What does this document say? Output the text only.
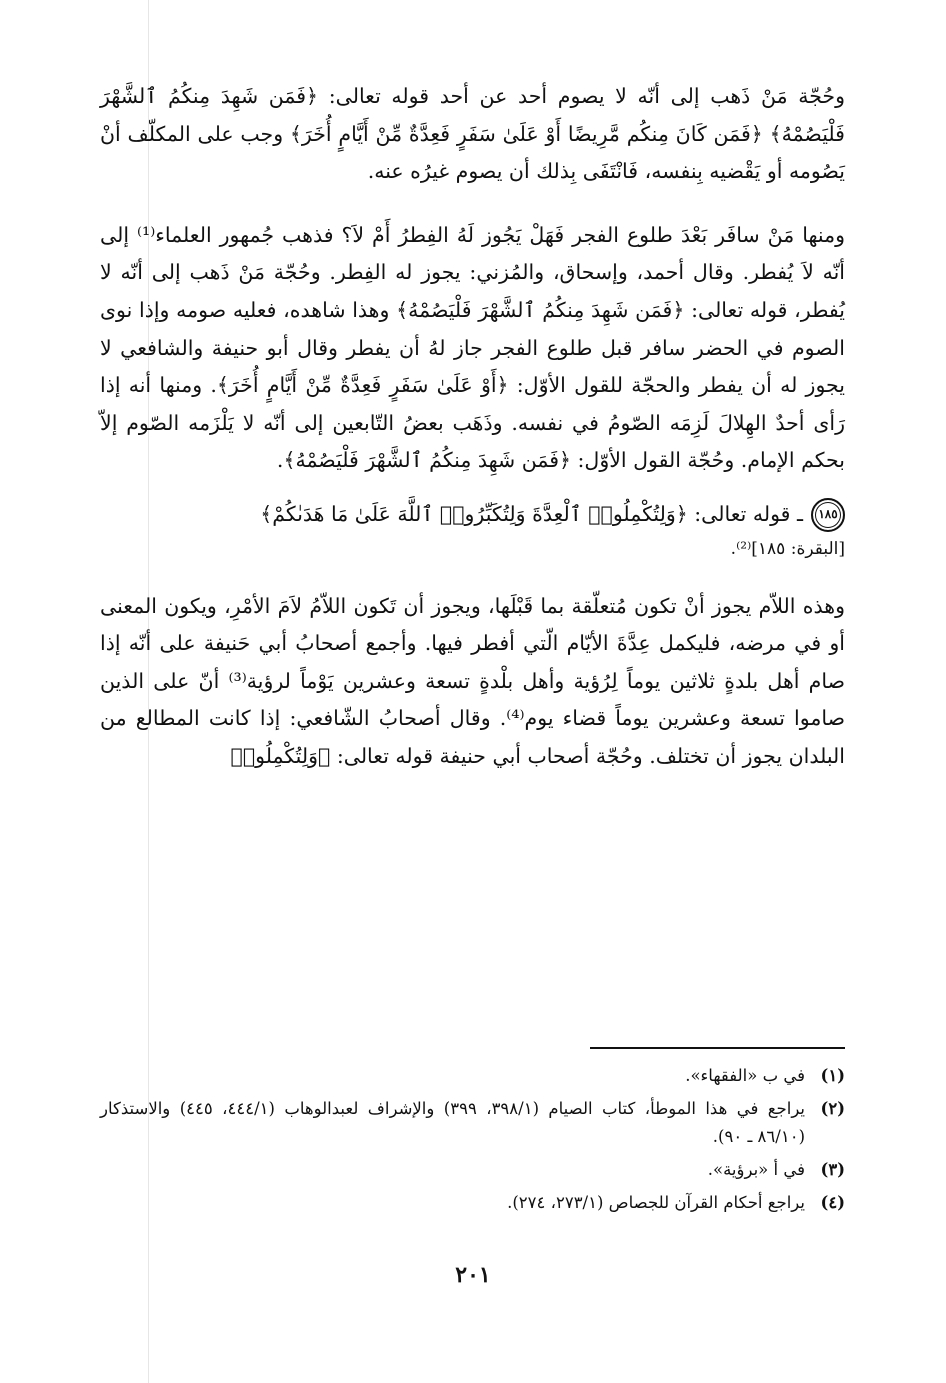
وحُجّة مَنْ ذَهب إلى أنّه لا يصوم أحد عن أحد قوله تعالى: ﴿فَمَن شَهِدَ مِنكُمُ ٱلشَّهْرَ فَلْيَصُمْهُ﴾ ﴿فَمَن كَانَ مِنكُم مَّرِيضًا أَوْ عَلَىٰ سَفَرٍ فَعِدَّةٌ مِّنْ أَيَّامٍ أُخَرَ﴾ وجب على المكلّف أنْ يَصُومه أو يَقْضيه بِنفسه، فَانْتَفَى بِذلك أن يصوم غيرُه عنه.

ومنها مَنْ سافَر بَعْدَ طلوع الفجر فَهَلْ يَجُوز لَهُ الفِطرُ أَمْ لاَ؟ فذهب جُمهور العلماء⁽¹⁾ إلى أنّه لاَ يُفطر. وقال أحمد، وإسحاق، والمُزني: يجوز له الفِطر. وحُجّة مَنْ ذَهب إلى أنّه لا يُفطر، قوله تعالى: ﴿فَمَن شَهِدَ مِنكُمُ ٱلشَّهْرَ فَلْيَصُمْهُ﴾ وهذا شاهده، فعليه صومه وإذا نوى الصوم في الحضر سافر قبل طلوع الفجر جاز لهُ أن يفطر وقال أبو حنيفة والشافعي لا يجوز له أن يفطر والحجّة للقول الأوّل: ﴿أَوْ عَلَىٰ سَفَرٍ فَعِدَّةٌ مِّنْ أَيَّامٍ أُخَرَ﴾. ومنها أنه إذا رَأى أحدٌ الهِلالَ لَزِمَه الصّومُ في نفسه. وذَهَب بعضُ التّابعين إلى أنّه لا يَلْزَمه الصّوم إلاّ بحكم الإمام. وحُجّة القول الأوّل: ﴿فَمَن شَهِدَ مِنكُمُ ٱلشَّهْرَ فَلْيَصُمْهُ﴾.

١٨٥
ـ قوله تعالى: ﴿وَلِتُكْمِلُوا۟ ٱلْعِدَّةَ وَلِتُكَبِّرُوا۟ ٱللَّهَ عَلَىٰ مَا هَدَىٰكُمْ﴾

[البقرة: ١٨٥]⁽²⁾.

وهذه اللاّم يجوز أنْ تكون مُتعلّقة بما قَبْلَها، ويجوز أن تَكون اللاّمُ لاَمَ الأمْرِ، ويكون المعنى أو في مرضه، فليكمل عِدَّةَ الأيّام الّتي أفطر فيها. وأجمع أصحابُ أبي حَنيفة على أنّه إذا صام أهل بلدةٍ ثلاثين يوماً لِرُؤية وأهل بلْدةٍ تسعة وعشرين يَوْماً لرؤية⁽³⁾ أنّ على الذين صاموا تسعة وعشرين يوماً قضاء يوم⁽⁴⁾. وقال أصحابُ الشّافعي: إذا كانت المطالع من البلدان يجوز أن تختلف. وحُجّة أصحاب أبي حنيفة قوله تعالى: ﴿وَلِتُكْمِلُوا۟

(١)
في ب «الفقهاء».
(٢)
يراجع في هذا الموطأ، كتاب الصيام (٣٩٨/١، ٣٩٩) والإشراف لعبدالوهاب (٤٤٤/١، ٤٤٥) والاستذكار (٨٦/١٠ ـ ٩٠).
(٣)
في أ «برؤية».
(٤)
يراجع أحكام القرآن للجصاص (٢٧٣/١، ٢٧٤).
٢٠١
